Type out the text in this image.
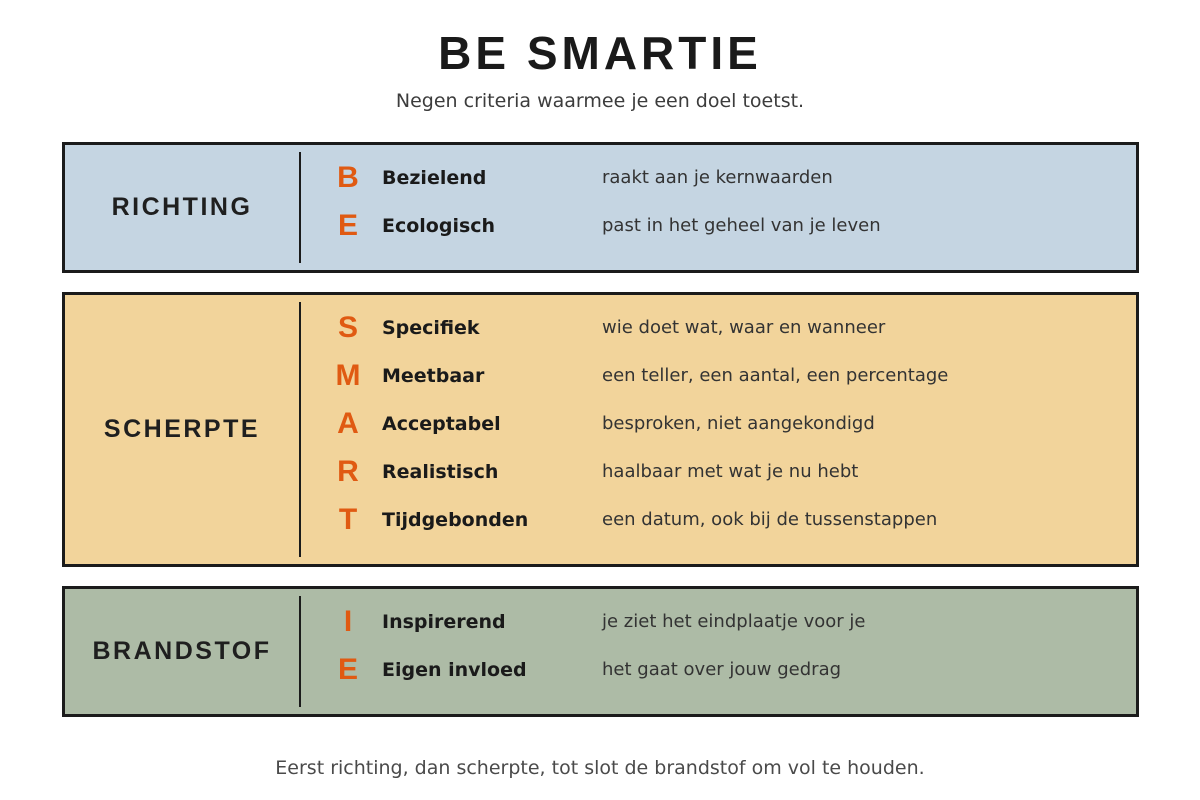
BE SMARTIE

Negen criteria waarmee je een doel toetst.

RICHTING
B Bezielend	raakt aan je kernwaarden
E Ecologisch	past in het geheel van je leven
SCHERPTE
S Specifiek	wie doet wat, waar en wanneer
M Meetbaar	een teller, een aantal, een percentage
A Acceptabel	besproken, niet aangekondigd
R Realistisch	haalbaar met wat je nu hebt
T	Tijdgebonden	een datum, ook bij de tussenstappen
BRANDSTOF
I	Inspirerend	je ziet het eindplaatje voor je
E Eigen invloed	het gaat over jouw gedrag

Eerst richting, dan scherpte, tot slot de brandstof om vol te houden.
